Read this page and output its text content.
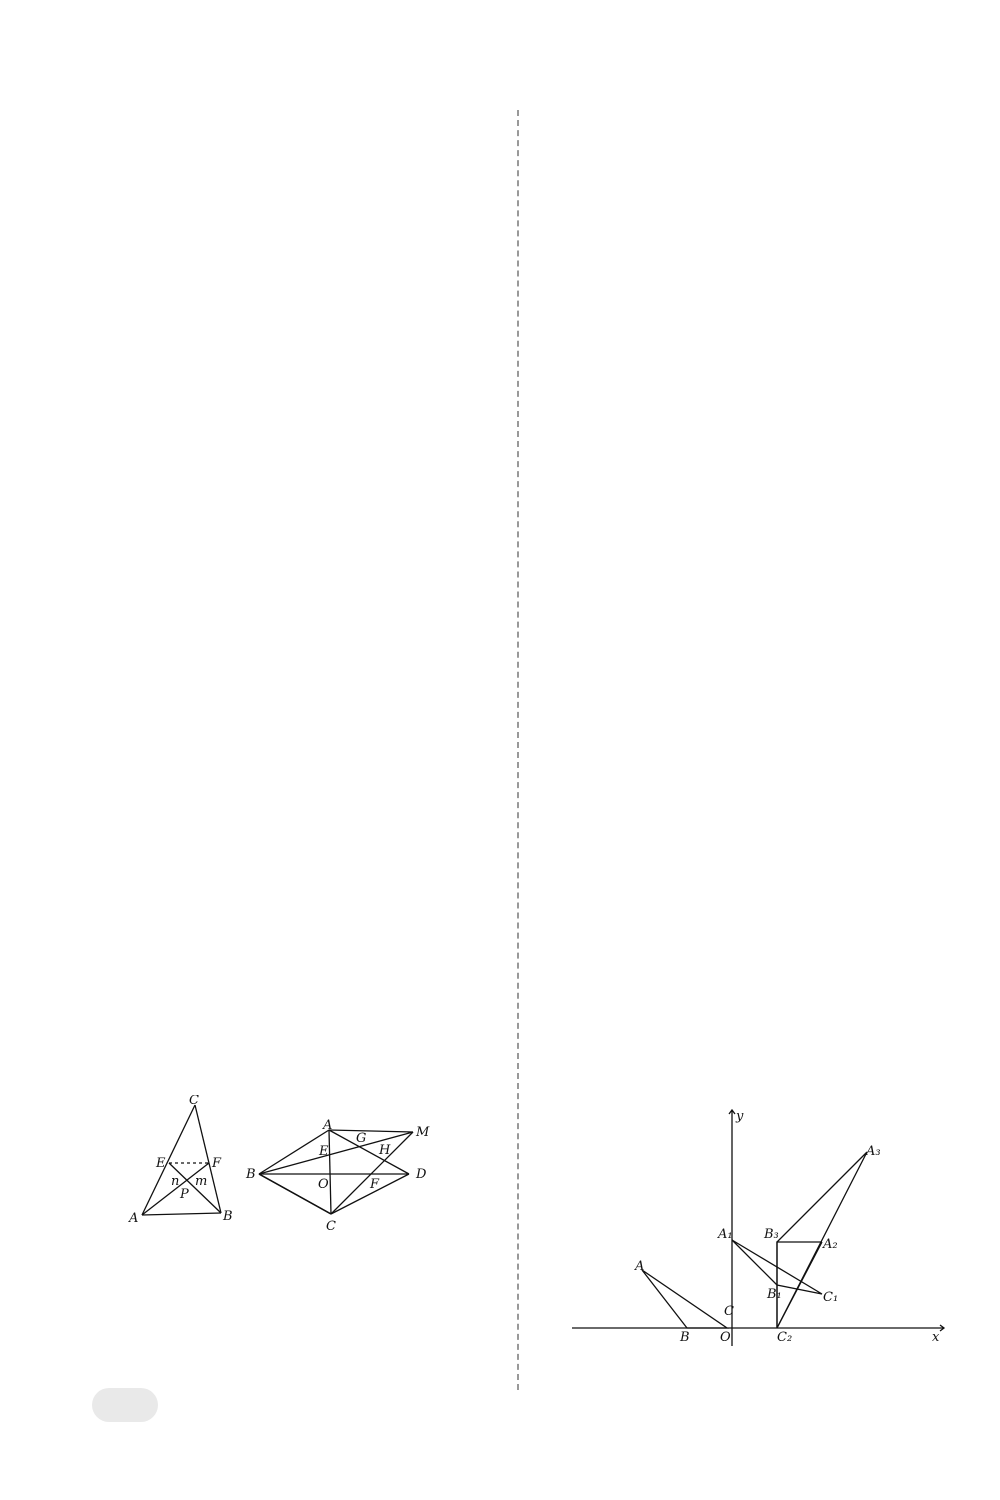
C
E	F
n m
P
A	B
A
G	M
E	H
B
O	F
D
C
y
x
O
A₃
A₁ B₃
A₂
A
B₁	C₁
C
B	C₂
